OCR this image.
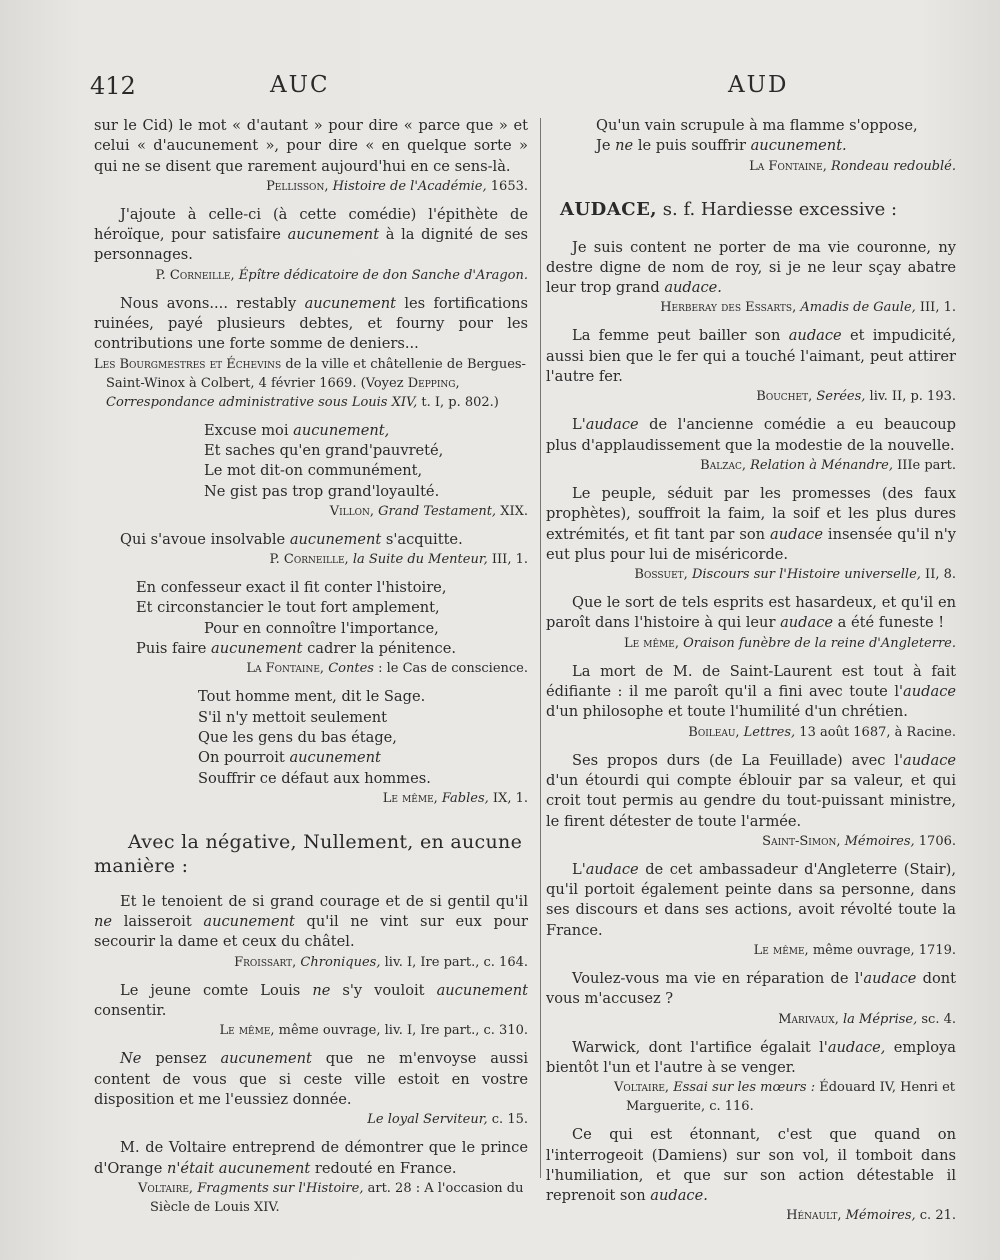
412	AUC	AUD

sur le Cid) le mot « d'autant » pour dire « parce que » et celui « d'aucunement », pour dire « en quelque sorte » qui ne se disent que rarement aujourd'hui en ce sens-là.

Pellisson, Histoire de l'Académie, 1653.

J'ajoute à celle-ci (à cette comédie) l'épithète de héroïque, pour satisfaire aucunement à la dignité de ses personnages.

P. Corneille, Épître dédicatoire de don Sanche d'Aragon.

Nous avons.... restably aucunement les fortifications ruinées, payé plusieurs debtes, et fourny pour les contributions une forte somme de deniers...

Les Bourgmestres et Échevins de la ville et châtellenie de Bergues-Saint-Winox à Colbert, 4 février 1669. (Voyez Depping, Correspondance administrative sous Louis XIV, t. I, p. 802.)

Excuse moi aucunement,

Et saches qu'en grand'pauvreté,

Le mot dit-on communément,

Ne gist pas trop grand'loyaulté.

Villon, Grand Testament, XIX.

Qui s'avoue insolvable aucunement s'acquitte.

P. Corneille, la Suite du Menteur, III, 1.

En confesseur exact il fit conter l'histoire,

Et circonstancier le tout fort amplement,

Pour en connoître l'importance,

Puis faire aucunement cadrer la pénitence.

La Fontaine, Contes : le Cas de conscience.

Tout homme ment, dit le Sage.

S'il n'y mettoit seulement

Que les gens du bas étage,

On pourroit aucunement

Souffrir ce défaut aux hommes.

Le même, Fables, IX, 1.

Avec la négative, Nullement, en aucune manière :

Et le tenoient de si grand courage et de si gentil qu'il ne laisseroit aucunement qu'il ne vint sur eux pour secourir la dame et ceux du châtel.

Froissart, Chroniques, liv. I, Ire part., c. 164.

Le jeune comte Louis ne s'y vouloit aucunement consentir.

Le même, même ouvrage, liv. I, Ire part., c. 310.

Ne pensez aucunement que ne m'envoyse aussi content de vous que si ceste ville estoit en vostre disposition et me l'eussiez donnée.

Le loyal Serviteur, c. 15.

M. de Voltaire entreprend de démontrer que le prince d'Orange n'était aucunement redouté en France.

Voltaire, Fragments sur l'Histoire, art. 28 : A l'occasion du Siècle de Louis XIV.

Qu'un vain scrupule à ma flamme s'oppose,

Je ne le puis souffrir aucunement.

La Fontaine, Rondeau redoublé.

AUDACE, s. f. Hardiesse excessive :

Je suis content ne porter de ma vie couronne, ny destre digne de nom de roy, si je ne leur sçay abatre leur trop grand audace.

Herberay des Essarts, Amadis de Gaule, III, 1.

La femme peut bailler son audace et impudicité, aussi bien que le fer qui a touché l'aimant, peut attirer l'autre fer.

Bouchet, Serées, liv. II, p. 193.

L'audace de l'ancienne comédie a eu beaucoup plus d'applaudissement que la modestie de la nouvelle.

Balzac, Relation à Ménandre, IIIe part.

Le peuple, séduit par les promesses (des faux prophètes), souffroit la faim, la soif et les plus dures extrémités, et fit tant par son audace insensée qu'il n'y eut plus pour lui de miséricorde.

Bossuet, Discours sur l'Histoire universelle, II, 8.

Que le sort de tels esprits est hasardeux, et qu'il en paroît dans l'histoire à qui leur audace a été funeste !

Le même, Oraison funèbre de la reine d'Angleterre.

La mort de M. de Saint-Laurent est tout à fait édifiante : il me paroît qu'il a fini avec toute l'audace d'un philosophe et toute l'humilité d'un chrétien.

Boileau, Lettres, 13 août 1687, à Racine.

Ses propos durs (de La Feuillade) avec l'audace d'un étourdi qui compte éblouir par sa valeur, et qui croit tout permis au gendre du tout-puissant ministre, le firent détester de toute l'armée.

Saint-Simon, Mémoires, 1706.

L'audace de cet ambassadeur d'Angleterre (Stair), qu'il portoit également peinte dans sa personne, dans ses discours et dans ses actions, avoit révolté toute la France.

Le même, même ouvrage, 1719.

Voulez-vous ma vie en réparation de l'audace dont vous m'accusez ?

Marivaux, la Méprise, sc. 4.

Warwick, dont l'artifice égalait l'audace, employa bientôt l'un et l'autre à se venger.

Voltaire, Essai sur les mœurs : Édouard IV, Henri et Marguerite, c. 116.

Ce qui est étonnant, c'est que quand on l'interrogeoit (Damiens) sur son vol, il tomboit dans l'humiliation, et que sur son action détestable il reprenoit son audace.

Hénault, Mémoires, c. 21.
